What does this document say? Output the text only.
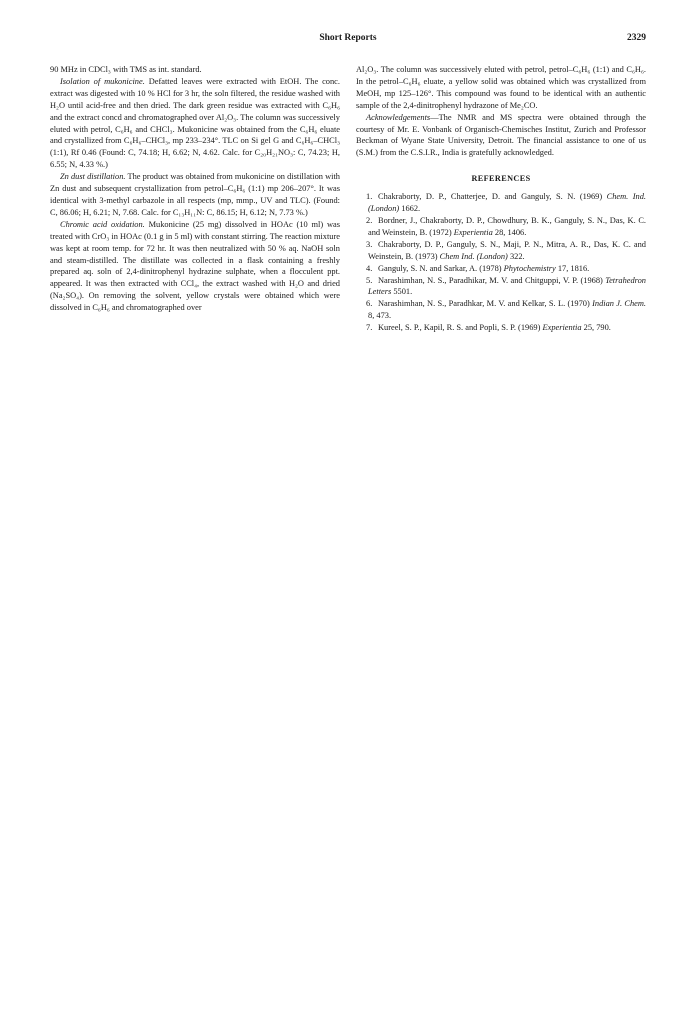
Short Reports	2329

90 MHz in CDCl₃ with TMS as int. standard.

Isolation of mukonicine. Defatted leaves were extracted with EtOH. The conc. extract was digested with 10 % HCl for 3 hr, the soln filtered, the residue washed with H₂O until acid-free and then dried. The dark green residue was extracted with C₆H₆ and the extract concd and chromatographed over Al₂O₃. The column was successively eluted with petrol, C₆H₆ and CHCl₃. Mukonicine was obtained from the C₆H₆ eluate and crystallized from C₆H₆–CHCl₃, mp 233–234°. TLC on Si gel G and C₆H₆–CHCl₃ (1:1), Rf 0.46 (Found: C, 74.18; H, 6.62; N, 4.62. Calc. for C₂₀H₂₁NO₃: C, 74.23; H, 6.55; N, 4.33 %.)

Zn dust distillation. The product was obtained from mukonicine on distillation with Zn dust and subsequent crystallization from petrol–C₆H₆ (1:1) mp 206–207°. It was identical with 3-methyl carbazole in all respects (mp, mmp., UV and TLC). (Found: C, 86.06; H, 6.21; N, 7.68. Calc. for C₁₃H₁₁N: C, 86.15; H, 6.12; N, 7.73 %.)

Chromic acid oxidation. Mukonicine (25 mg) dissolved in HOAc (10 ml) was treated with CrO₃ in HOAc (0.1 g in 5 ml) with constant stirring. The reaction mixture was kept at room temp. for 72 hr. It was then neutralized with 50 % aq. NaOH soln and steam-distilled. The distillate was collected in a flask containing a freshly prepared aq. soln of 2,4-dinitrophenyl hydrazine sulphate, when a flocculent ppt. appeared. It was then extracted with CCl₄, the extract washed with H₂O and dried (Na₂SO₄). On removing the solvent, yellow crystals were obtained which were dissolved in C₆H₆ and chromatographed over

Al₂O₃. The column was successively eluted with petrol, petrol–C₆H₆ (1:1) and C₆H₆. In the petrol–C₆H₆ eluate, a yellow solid was obtained which was crystallized from MeOH, mp 125–126°. This compound was found to be identical with an authentic sample of the 2,4-dinitrophenyl hydrazone of Me₂CO.

Acknowledgements—The NMR and MS spectra were obtained through the courtesy of Mr. E. Vonbank of Organisch-Chemisches Institut, Zurich and Professor Beckman of Wyane State University, Detroit. The financial assistance to one of us (S.M.) from the C.S.I.R., India is gratefully acknowledged.

REFERENCES

1. Chakraborty, D. P., Chatterjee, D. and Ganguly, S. N. (1969) Chem. Ind. (London) 1662.

2. Bordner, J., Chakraborty, D. P., Chowdhury, B. K., Ganguly, S. N., Das, K. C. and Weinstein, B. (1972) Experientia 28, 1406.

3. Chakraborty, D. P., Ganguly, S. N., Maji, P. N., Mitra, A. R., Das, K. C. and Weinstein, B. (1973) Chem Ind. (London) 322.

4. Ganguly, S. N. and Sarkar, A. (1978) Phytochemistry 17, 1816.

5. Narashimhan, N. S., Paradhikar, M. V. and Chitguppi, V. P. (1968) Tetrahedron Letters 5501.

6. Narashimhan, N. S., Paradhkar, M. V. and Kelkar, S. L. (1970) Indian J. Chem. 8, 473.

7. Kureel, S. P., Kapil, R. S. and Popli, S. P. (1969) Experientia 25, 790.
